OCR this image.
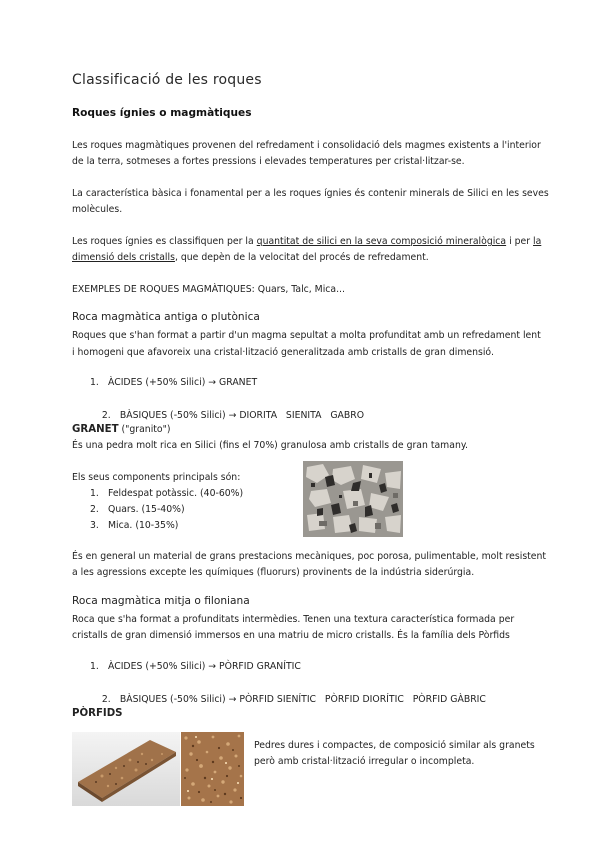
Classificació de les roques
Roques ígnies o magmàtiques
Les roques magmàtiques provenen del refredament i consolidació dels magmes existents a l'interior
de la terra, sotmeses a fortes pressions i elevades temperatures per cristal·litzar-se.
La característica bàsica i fonamental per a les roques ígnies és contenir minerals de Silici en les seves
molècules.
Les roques ígnies es classifiquen per la quantitat de silici en la seva composició mineralògica i per la
dimensió dels cristalls, que depèn de la velocitat del procés de refredament.
EXEMPLES DE ROQUES MAGMÀTIQUES: Quars, Talc, Mica...
Roca magmàtica antiga o plutònica
Roques que s'han format a partir d'un magma sepultat a molta profunditat amb un refredament lent
i homogeni que afavoreix una cristal·lització generalitzada amb cristalls de gran dimensió.
1. ÀCIDES (+50% Silici) → GRANET

2. BÀSIQUES (-50% Silici) → DIORITA   SIENITA   GABRO

GRANET ("granito")
És una pedra molt rica en Silici (fins el 70%) granulosa amb cristalls de gran tamany.
Els seus components principals són:
1. Feldespat potàssic. (40-60%)
2. Quars. (15-40%)
3. Mica. (10-35%)
És en general un material de grans prestacions mecàniques, poc porosa, pulimentable, molt resistent
a les agressions excepte les químiques (fluorurs) provinents de la indústria siderúrgia.
Roca magmàtica mitja o filoniana
Roca que s'ha format a profunditats intermèdies. Tenen una textura característica formada per
cristalls de gran dimensió immersos en una matriu de micro cristalls. És la família dels Pòrfids
1. ÀCIDES (+50% Silici) → PÒRFID GRANÍTIC

2. BÀSIQUES (-50% Silici) → PÒRFID SIENÍTIC   PÒRFID DIORÍTIC   PÒRFID GÀBRIC

PÒRFIDS
Pedres dures i compactes, de composició similar als granets
però amb cristal·lització irregular o incompleta.
